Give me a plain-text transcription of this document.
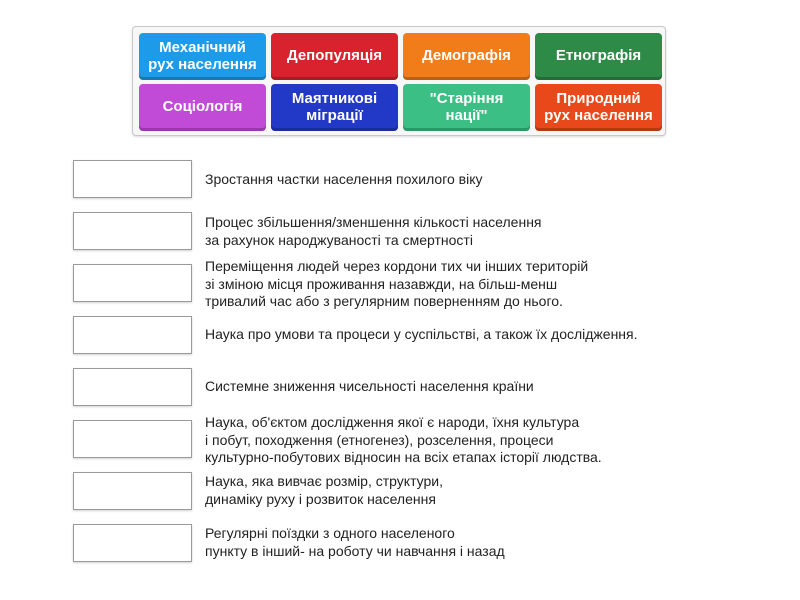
Механічний
рух населення Депопуляція	Демографія	Етнографія
Соціологія	Маятникові
міграції
"Старіння
нації"
Природний
рух населення
Зростання частки населення похилого віку
Процес збільшення/зменшення кількості населення
за рахунок народжуваності та смертності
Переміщення людей через кордони тих чи інших територій
зі зміною місця проживання назавжди, на більш-менш
тривалий час або з регулярним поверненням до нього.
Наука про умови та процеси у суспільстві, а також їх дослідження.
Системне зниження чисельності населення країни
Наука, об'єктом дослідження якої є народи, їхня культура
і побут, походження (етногенез), розселення, процеси
культурно-побутових відносин на всіх етапах історії людства.
Наука, яка вивчає розмір, структури,
динаміку руху і розвиток населення
Регулярні поїздки з одного населеного
пункту в інший- на роботу чи навчання і назад
